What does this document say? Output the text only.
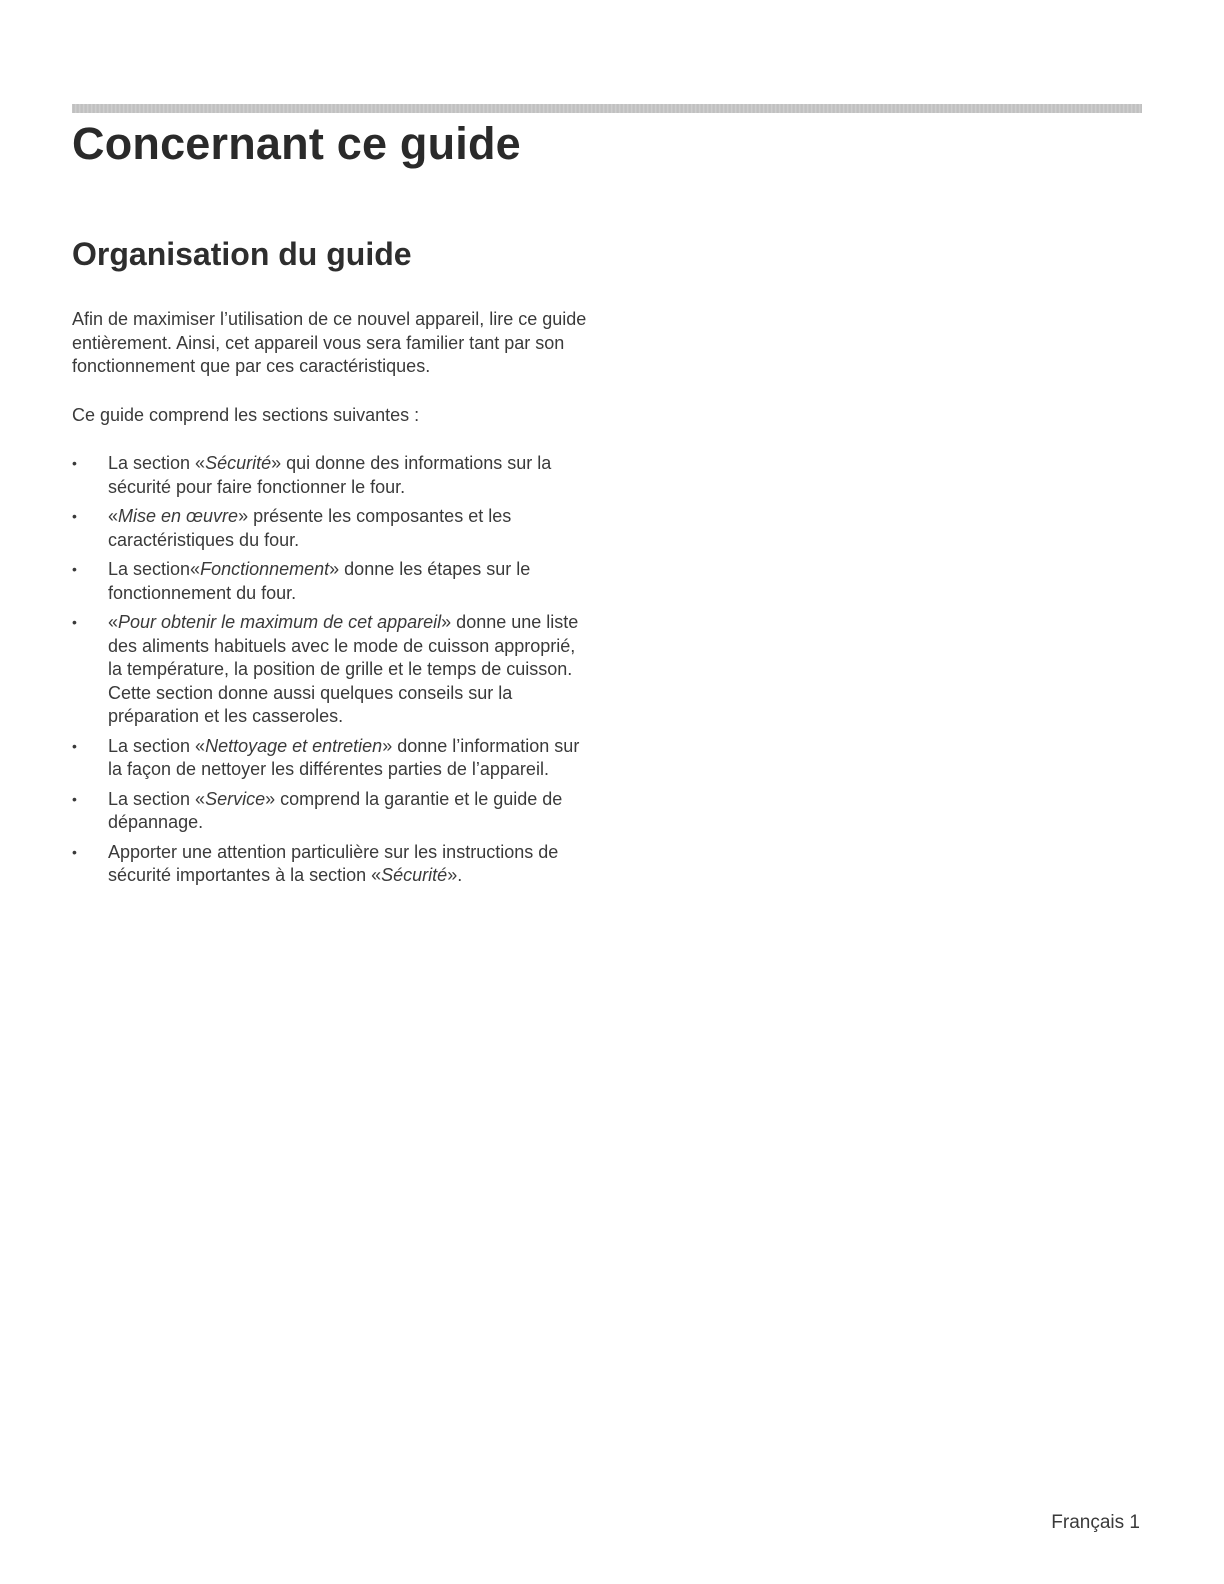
Concernant ce guide
Organisation du guide

Afin de maximiser l’utilisation de ce nouvel appareil, lire ce guide entièrement. Ainsi, cet appareil vous sera familier tant par son fonctionnement que par ces caractéristiques.

Ce guide comprend les sections suivantes :

• La section «Sécurité» qui donne des informations sur la sécurité pour faire fonctionner le four.
• «Mise en œuvre» présente les composantes et les caractéristiques du four.
• La section«Fonctionnement» donne les étapes sur le fonctionnement du four.
• «Pour obtenir le maximum de cet appareil» donne une liste des aliments habituels avec le mode de cuisson approprié, la température, la position de grille et le temps de cuisson. Cette section donne aussi quelques conseils sur la préparation et les casseroles.
• La section «Nettoyage et entretien» donne l’information sur la façon de nettoyer les différentes parties de l’appareil.
• La section «Service» comprend la garantie et le guide de dépannage.
• Apporter une attention particulière sur les instructions de sécurité importantes à la section «Sécurité».
Français 1
